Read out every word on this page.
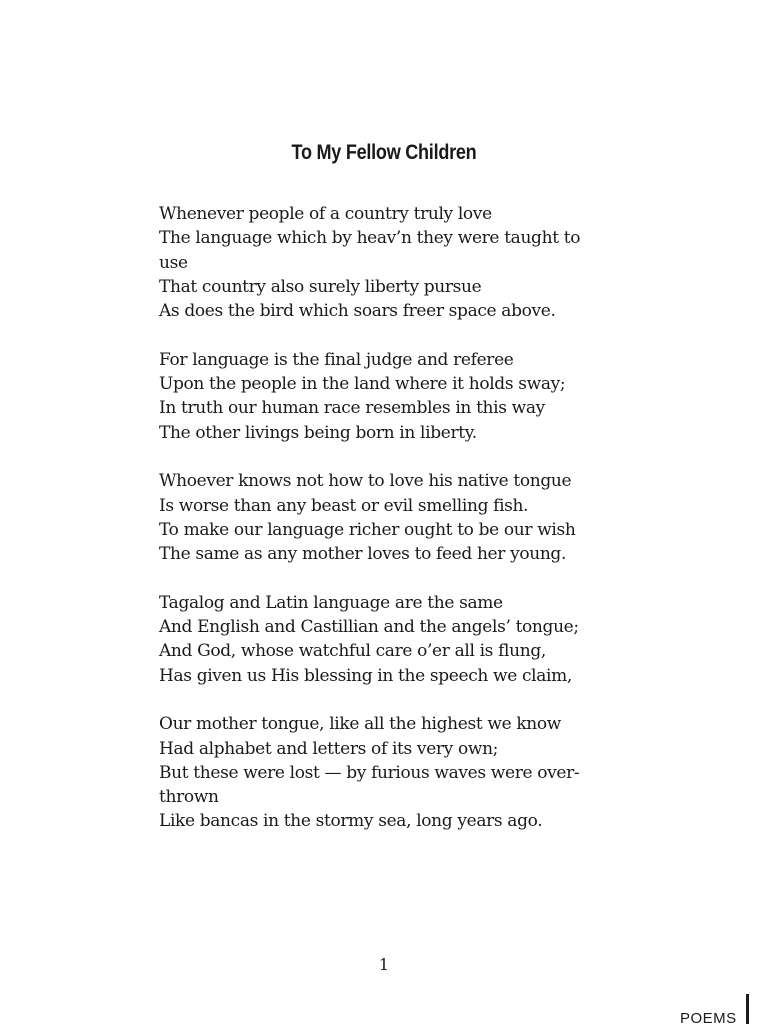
To My Fellow Children
Whenever people of a country truly love
The language which by heav’n they were taught to
use
That country also surely liberty pursue
As does the bird which soars freer space above.
For language is the final judge and referee
Upon the people in the land where it holds sway;
In truth our human race resembles in this way
The other livings being born in liberty.
Whoever knows not how to love his native tongue
Is worse than any beast or evil smelling fish.
To make our language richer ought to be our wish
The same as any mother loves to feed her young.
Tagalog and Latin language are the same
And English and Castillian and the angels’ tongue;
And God, whose watchful care o’er all is flung,
Has given us His blessing in the speech we claim,
Our mother tongue, like all the highest we know
Had alphabet and letters of its very own;
But these were lost — by furious waves were over-
thrown
Like bancas in the stormy sea, long years ago.
1
POEMS
